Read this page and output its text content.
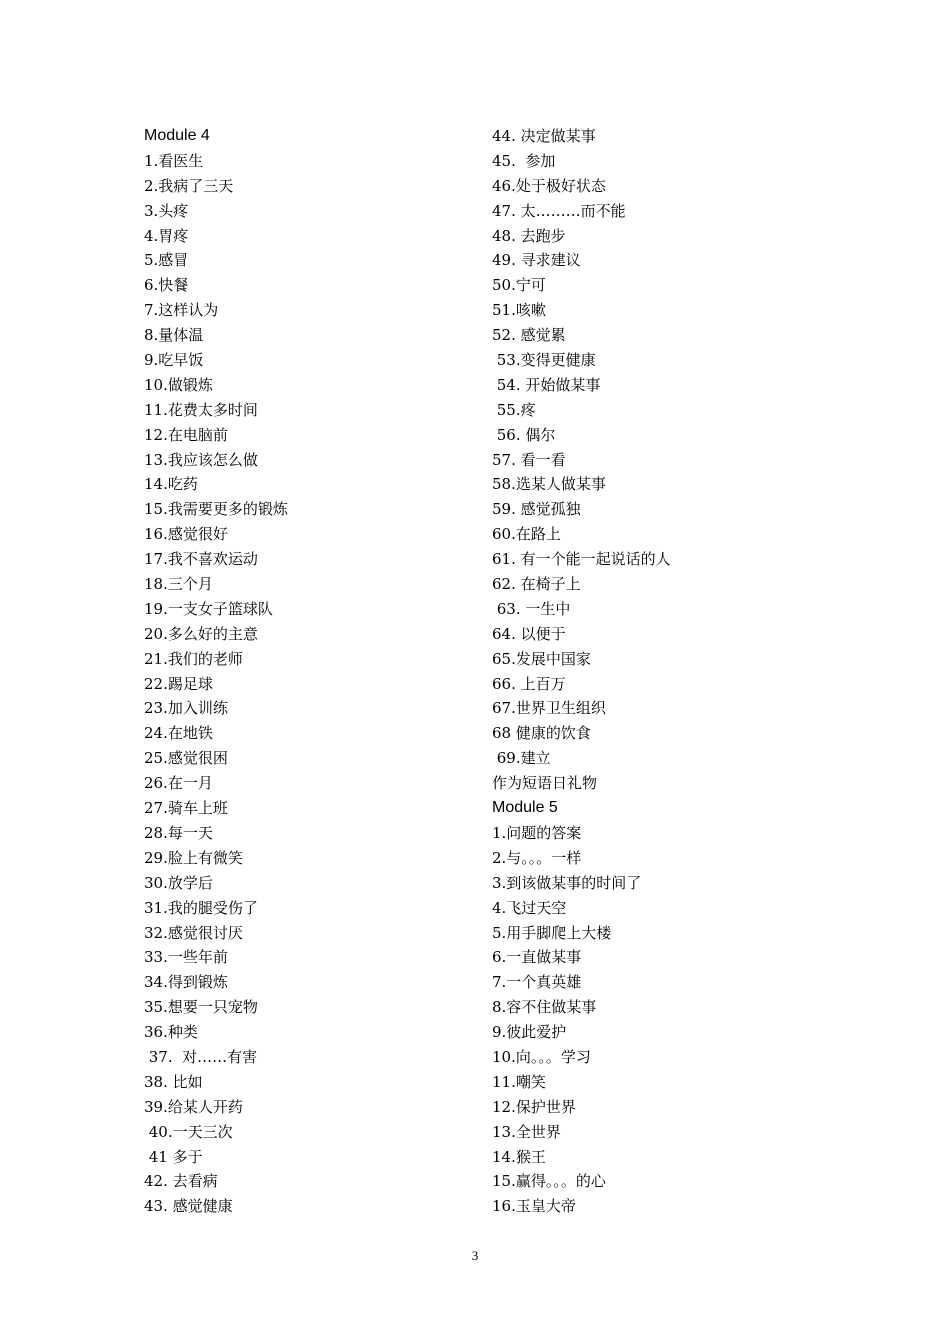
Module 4
1.看医生
2.我病了三天
3.头疼
4.胃疼
5.感冒
6.快餐
7.这样认为
8.量体温
9.吃早饭
10.做锻炼
11.花费太多时间
12.在电脑前
13.我应该怎么做
14.吃药
15.我需要更多的锻炼
16.感觉很好
17.我不喜欢运动
18.三个月
19.一支女子篮球队
20.多么好的主意
21.我们的老师
22.踢足球
23.加入训练
24.在地铁
25.感觉很困
26.在一月
27.骑车上班
28.每一天
29.脸上有微笑
30.放学后
31.我的腿受伤了
32.感觉很讨厌
33.一些年前
34.得到锻炼
35.想要一只宠物
36.种类
37.  对……有害
38. 比如
39.给某人开药
40.一天三次
41 多于
42. 去看病
43. 感觉健康
44. 决定做某事
45.  参加
46.处于极好状态
47. 太………而不能
48. 去跑步
49. 寻求建议
50.宁可
51.咳嗽
52. 感觉累
53.变得更健康
54. 开始做某事
55.疼
56. 偶尔
57. 看一看
58.选某人做某事
59. 感觉孤独
60.在路上
61. 有一个能一起说话的人
62. 在椅子上
63. 一生中
64. 以便于
65.发展中国家
66. 上百万
67.世界卫生组织
68 健康的饮食
69.建立
作为短语日礼物
Module 5
1.问题的答案
2.与。。。一样
3.到该做某事的时间了
4.飞过天空
5.用手脚爬上大楼
6.一直做某事
7.一个真英雄
8.容不住做某事
9.彼此爱护
10.向。。。学习
11.嘲笑
12.保护世界
13.全世界
14.猴王
15.赢得。。。的心
16.玉皇大帝
3
